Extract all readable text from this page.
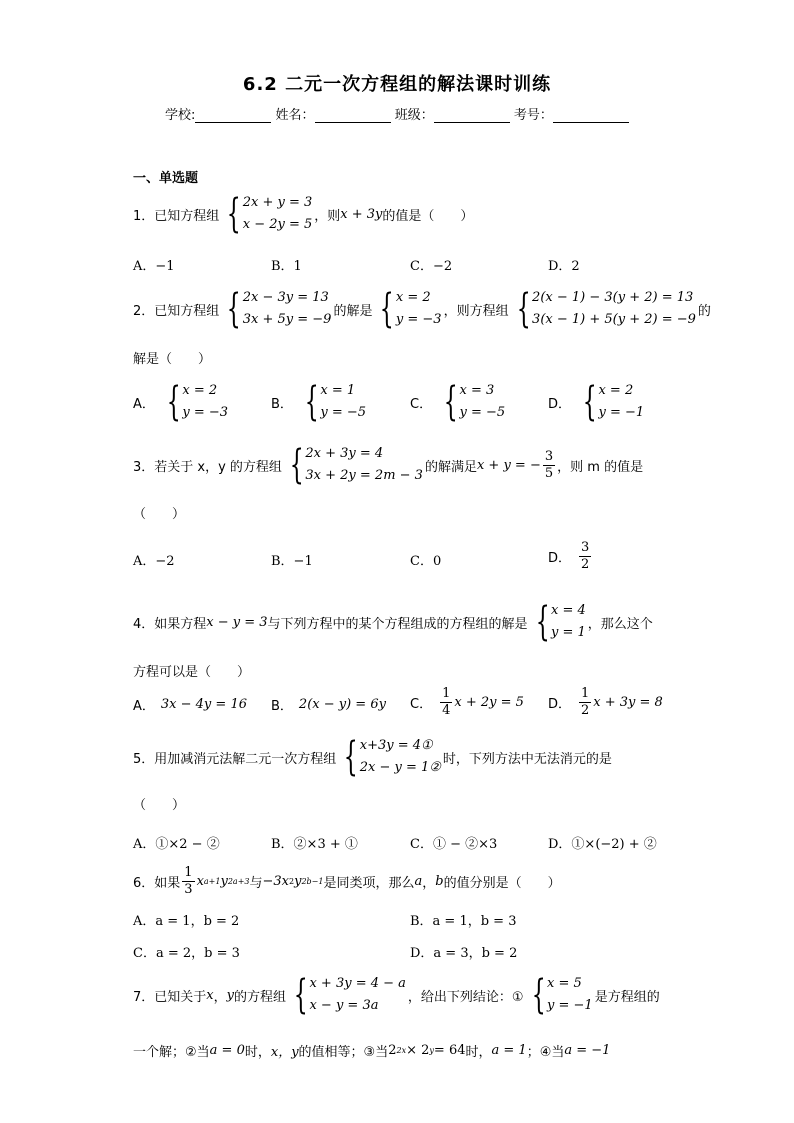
6.2 二元一次方程组的解法课时训练
学校:	姓名：	班级：	考号：
一、单选题
1．已知方程组 { 2x + y = 3
x − 2y = 5
，则 x + 3y 的值是（　　）
A．−1	B．1	C．−2	D．2
2．已知方程组 { 2x − 3y = 13
3x + 5y = −9
的解是 { x = 2
y = −3
，则方程组 { 2(x − 1) − 3(y + 2) = 13
3(x − 1) + 5(y + 2) = −9
的
解是（　　）
A． { x = 2
y = −3
B． { x = 1
y = −5
C． { x = 3
y = −5
D． { x = 2
y = −1
3．若关于 x，y 的方程组 { 2x + 3y = 4
3x + 2y = 2m − 3
的解满足 x + y = − $\frac{3}{5}$ ，则 m 的值是
（　　）
A．−2	B．−1	C．0	D． $\frac{3}{2}$
4．如果方程 x − y = 3 与下列方程中的某个方程组成的方程组的解是 { x = 4
y = 1
，那么这个
方程可以是（　　）
A． 3x − 4y = 16 B． 2(x − y) = 6y C． $\frac{1}{4}$ x + 2y = 5 D． $\frac{1}{2}$ x + 3y = 8
5．用加减消元法解二元一次方程组 { x+3y = 4①
2x − y = 1②
时，下列方法中无法消元的是
（　　）
A．①×2 − ②	B．②×3 + ①	C．① − ②×3	D．①×(−2) + ②
6．如果 $\frac{1}{3}$ x a+1 y 2a+3 与 −3x 2 y 2b−1 是同类项，那么 a ， b 的值分别是（　　）
A．a = 1，b = 2	B．a = 1，b = 3
C．a = 2，b = 3	D．a = 3，b = 2
7．已知关于 x ， y 的方程组 { x + 3y = 4 − a
x − y = 3a
，给出下列结论：① { x = 5
y = −1
是方程组的
一个解；②当 a = 0 时， x，y 的值相等；③当 2 2x × 2 y = 64 时， a = 1 ；④当 a = −1
